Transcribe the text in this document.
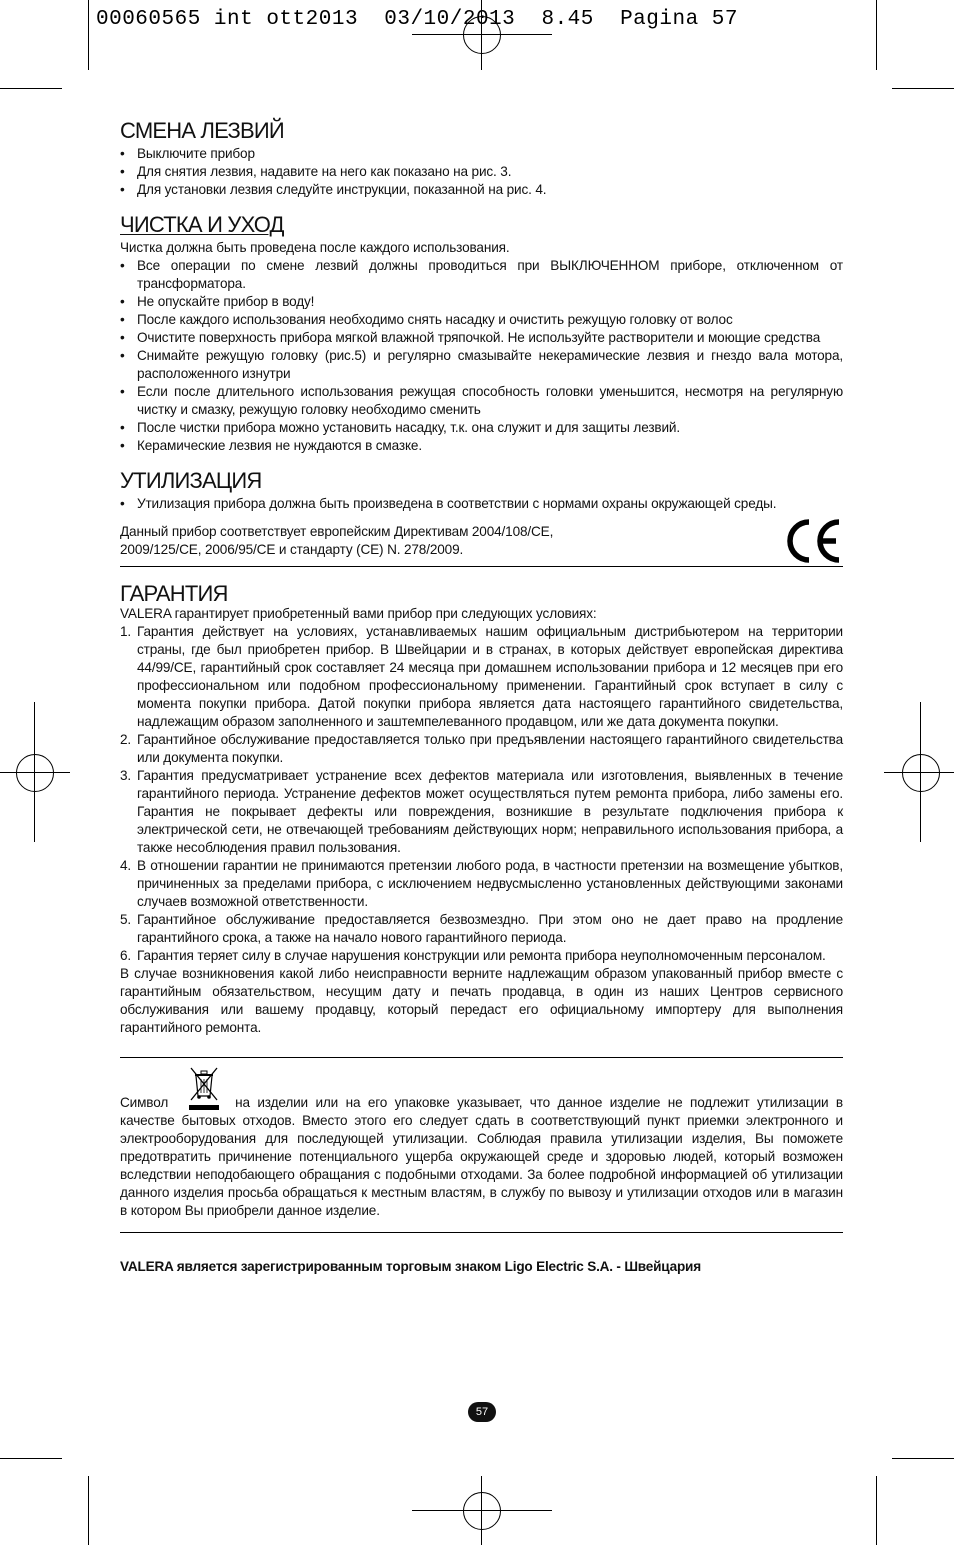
00060565 int ott2013  03/10/2013  8.45  Pagina 57
СМЕНА ЛЕЗВИЙ
• Выключите прибор
• Для снятия лезвия, надавите на него как показано на рис. 3.
• Для установки лезвия следуйте инструкции, показанной на рис. 4.
ЧИСТКА И УХОД

Чистка должна быть проведена после каждого использования.

• Все операции по смене лезвий должны проводиться при ВЫКЛЮЧЕННОМ приборе, отключенном от трансформатора.
• Не опускайте прибор в воду!
• После каждого использования необходимо снять насадку и очистить режущую головку от волос
• Очистите поверхность прибора мягкой влажной тряпочкой. Не используйте растворители и моющие средства
• Снимайте режущую головку (рис.5) и регулярно смазывайте некерамические лезвия и гнездо вала мотора, расположенного изнутри
• Если после длительного использования режущая способность головки уменьшится, несмотря на регулярную чистку и смазку, режущую головку необходимо сменить
• После чистки прибора можно установить насадку, т.к. она служит и для защиты лезвий.
• Керамические лезвия не нуждаются в смазке.
УТИЛИЗАЦИЯ
• Утилизация прибора должна быть произведена в соответствии с нормами охраны окружающей среды.

Данный прибор соответствует европейским Директивам 2004/108/CE,

2009/125/CE, 2006/95/CE и стандарту (CE) N. 278/2009.

ГАРАНТИЯ

VALERA гарантирует приобретенный вами прибор при следующих условиях:

1. Гарантия действует на условиях, устанавливаемых нашим официальным дистрибьютером на территории страны, где был приобретен прибор. В Швейцарии и в странах, в которых действует европейская директива 44/99/CE, гарантийный срок составляет 24 месяца при домашнем использовании прибора и 12 месяцев при его профессиональном или подобном профессиональному применении. Гарантийный срок вступает в силу с момента покупки прибора. Датой покупки прибора является дата настоящего гарантийного свидетельства, надлежащим образом заполненного и заштемпелеванного продавцом, или же дата документа покупки.
2. Гарантийное обслуживание предоставляется только при предъявлении настоящего гарантийного свидетельства или документа покупки.
3. Гарантия предусматривает устранение всех дефектов материала или изготовления, выявленных в течение гарантийного периода. Устранение дефектов может осуществляться путем ремонта прибора, либо замены его. Гарантия не покрывает дефекты или повреждения, возникшие в результате подключения прибора к электрической сети, не отвечающей требованиям действующих норм; неправильного использования прибора, а также несоблюдения правил пользования.
4. В отношении гарантии не принимаются претензии любого рода, в частности претензии на возмещение убытков, причиненных за пределами прибора, с исключением недвусмысленно установленных действующими законами случаев возможной ответственности.
5. Гарантийное обслуживание предоставляется безвозмездно. При этом оно не дает право на продление гарантийного срока, а также на начало нового гарантийного периода.
6. Гарантия теряет силу в случае нарушения конструкции или ремонта прибора неуполномоченным персоналом.

В случае возникновения какой либо неисправности верните надлежащим образом упакованный прибор вместе с гарантийным обязательством, несущим дату и печать продавца, в один из наших Центров сервисного обслуживания или вашему продавцу, который передаст его официальному импортеру для выполнения гарантийного ремонта.

Символ	на изделии или на его упаковке указывает, что данное изделие не подлежит утилизации в качестве бытовых отходов. Вместо этого его следует сдать в соответствующий пункт приемки электронного и электрооборудования для последующей утилизации. Соблюдая правила утилизации изделия, Вы поможете предотвратить причинение потенциального ущерба окружающей среде и здоровью людей, который возможен вследствии неподобающего обращания с подобными отходами. За более подробной информацией об утилизации данного изделия просьба обращаться к местным властям, в службу по вывозу и утилизации отходов или в магазин в котором Вы приобрели данное изделие.

VALERA является зарегистрированным торговым знаком Ligo Electric S.A. - Швейцария

57
